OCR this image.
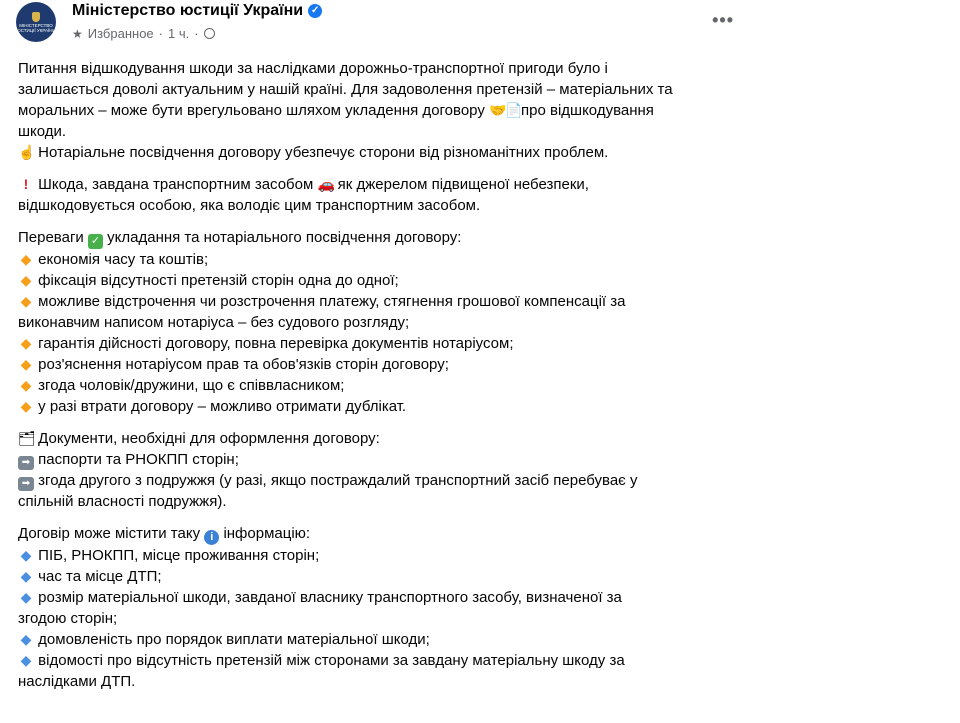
МІНІСТЕРСТВО ЮСТИЦІЇ УКРАЇНИ
Міністерство юстиції України ✓
★ Избранное · 1 ч. ·
•••

Питання відшкодування шкоди за наслідками дорожньо-транспортної пригоди було і
залишається доволі актуальним у нашій країні. Для задоволення претензій – матеріальних та
моральних – може бути врегульовано шляхом укладення договору 🤝📄про відшкодування
шкоди.
☝ Нотаріальне посвідчення договору убезпечує сторони від різноманітних проблем.

! Шкода, завдана транспортним засобом 🚗 як джерелом підвищеної небезпеки,
відшкодовується особою, яка володіє цим транспортним засобом.

Переваги ✓ укладання та нотаріального посвідчення договору:
◆ економія часу та коштів;
◆ фіксація відсутності претензій сторін одна до одної;
◆ можливе відстрочення чи розстрочення платежу, стягнення грошової компенсації за
виконавчим написом нотаріуса – без судового розгляду;
◆ гарантія дійсності договору, повна перевірка документів нотаріусом;
◆ роз'яснення нотаріусом прав та обов'язків сторін договору;
◆ згода чоловік/дружини, що є співвласником;
◆ у разі втрати договору – можливо отримати дублікат.

🗂 Документи, необхідні для оформлення договору:
➡ паспорти та РНОКПП сторін;
➡ згода другого з подружжя (у разі, якщо постраждалий транспортний засіб перебуває у
спільній власності подружжя).

Договір може містити таку i інформацію:
◆ ПІБ, РНОКПП, місце проживання сторін;
◆ час та місце ДТП;
◆ розмір матеріальної шкоди, завданої власнику транспортного засобу, визначеної за
згодою сторін;
◆ домовленість про порядок виплати матеріальної шкоди;
◆ відомості про відсутність претензій між сторонами за завдану матеріальну шкоду за
наслідками ДТП.
